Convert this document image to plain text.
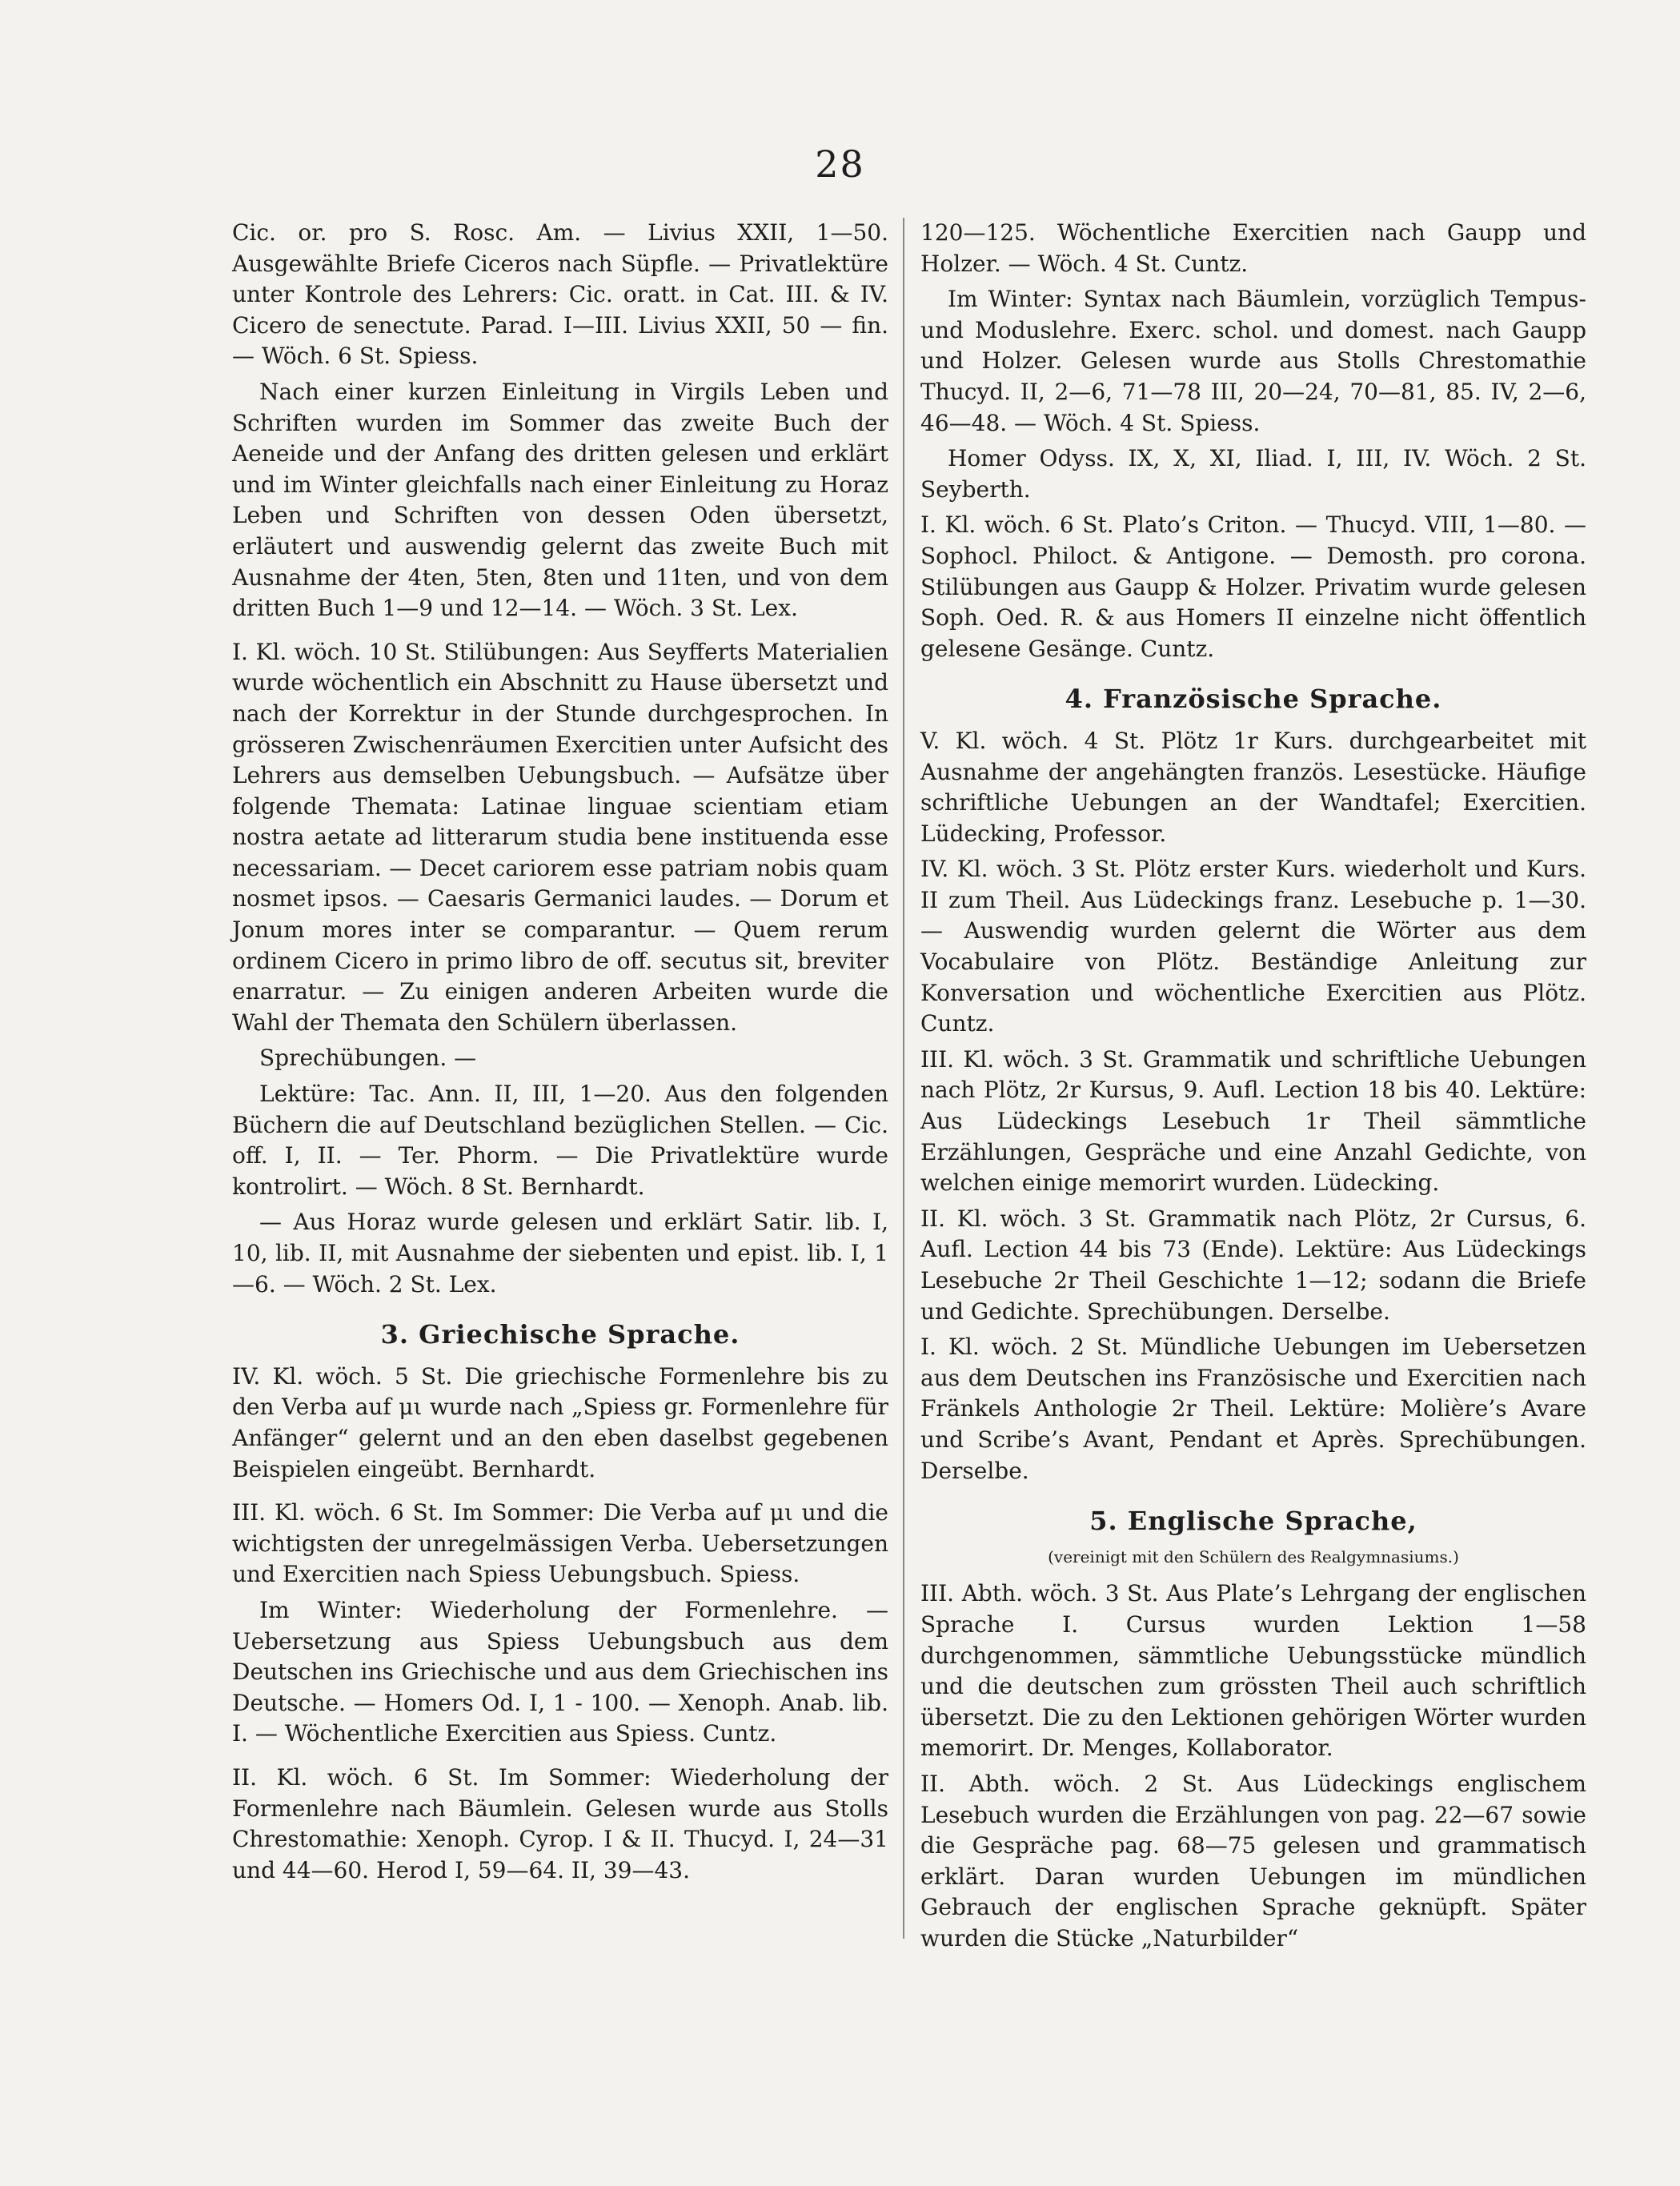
28

Cic. or. pro S. Rosc. Am. — Livius XXII, 1—50. Ausgewählte Briefe Ciceros nach Süpfle. — Privatlektüre unter Kontrole des Lehrers: Cic. oratt. in Cat. III. & IV. Cicero de senectute. Parad. I—III. Livius XXII, 50 — fin. — Wöch. 6 St. Spiess.

Nach einer kurzen Einleitung in Virgils Leben und Schriften wurden im Sommer das zweite Buch der Aeneide und der Anfang des dritten gelesen und erklärt und im Winter gleichfalls nach einer Einleitung zu Horaz Leben und Schriften von dessen Oden übersetzt, erläutert und auswendig gelernt das zweite Buch mit Ausnahme der 4ten, 5ten, 8ten und 11ten, und von dem dritten Buch 1—9 und 12—14. — Wöch. 3 St. Lex.

I. Kl. wöch. 10 St. Stilübungen: Aus Seyfferts Materialien wurde wöchentlich ein Abschnitt zu Hause übersetzt und nach der Korrektur in der Stunde durchgesprochen. In grösseren Zwischenräumen Exercitien unter Aufsicht des Lehrers aus demselben Uebungsbuch. — Aufsätze über folgende Themata: Latinae linguae scientiam etiam nostra aetate ad litterarum studia bene instituenda esse necessariam. — Decet cariorem esse patriam nobis quam nosmet ipsos. — Caesaris Germanici laudes. — Dorum et Jonum mores inter se comparantur. — Quem rerum ordinem Cicero in primo libro de off. secutus sit, breviter enarratur. — Zu einigen anderen Arbeiten wurde die Wahl der Themata den Schülern überlassen.

Sprechübungen. —

Lektüre: Tac. Ann. II, III, 1—20. Aus den folgenden Büchern die auf Deutschland bezüglichen Stellen. — Cic. off. I, II. — Ter. Phorm. — Die Privatlektüre wurde kontrolirt. — Wöch. 8 St. Bernhardt.

— Aus Horaz wurde gelesen und erklärt Satir. lib. I, 10, lib. II, mit Ausnahme der siebenten und epist. lib. I, 1—6. — Wöch. 2 St. Lex.

3. Griechische Sprache.

IV. Kl. wöch. 5 St. Die griechische Formenlehre bis zu den Verba auf μι wurde nach „Spiess gr. Formenlehre für Anfänger“ gelernt und an den eben daselbst gegebenen Beispielen eingeübt. Bernhardt.

III. Kl. wöch. 6 St. Im Sommer: Die Verba auf μι und die wichtigsten der unregelmässigen Verba. Uebersetzungen und Exercitien nach Spiess Uebungsbuch. Spiess.

Im Winter: Wiederholung der Formenlehre. — Uebersetzung aus Spiess Uebungsbuch aus dem Deutschen ins Griechische und aus dem Griechischen ins Deutsche. — Homers Od. I, 1 - 100. — Xenoph. Anab. lib. I. — Wöchentliche Exercitien aus Spiess. Cuntz.

II. Kl. wöch. 6 St. Im Sommer: Wiederholung der Formenlehre nach Bäumlein. Gelesen wurde aus Stolls Chrestomathie: Xenoph. Cyrop. I & II. Thucyd. I, 24—31 und 44—60. Herod I, 59—64. II, 39—43.

120—125. Wöchentliche Exercitien nach Gaupp und Holzer. — Wöch. 4 St. Cuntz.

Im Winter: Syntax nach Bäumlein, vorzüglich Tempus- und Moduslehre. Exerc. schol. und domest. nach Gaupp und Holzer. Gelesen wurde aus Stolls Chrestomathie Thucyd. II, 2—6, 71—78 III, 20—24, 70—81, 85. IV, 2—6, 46—48. — Wöch. 4 St. Spiess.

Homer Odyss. IX, X, XI, Iliad. I, III, IV. Wöch. 2 St. Seyberth.

I. Kl. wöch. 6 St. Plato’s Criton. — Thucyd. VIII, 1—80. — Sophocl. Philoct. & Antigone. — Demosth. pro corona. Stilübungen aus Gaupp & Holzer. Privatim wurde gelesen Soph. Oed. R. & aus Homers II einzelne nicht öffentlich gelesene Gesänge. Cuntz.

4. Französische Sprache.

V. Kl. wöch. 4 St. Plötz 1r Kurs. durchgearbeitet mit Ausnahme der angehängten französ. Lesestücke. Häufige schriftliche Uebungen an der Wandtafel; Exercitien. Lüdecking, Professor.

IV. Kl. wöch. 3 St. Plötz erster Kurs. wiederholt und Kurs. II zum Theil. Aus Lüdeckings franz. Lesebuche p. 1—30. — Auswendig wurden gelernt die Wörter aus dem Vocabulaire von Plötz. Beständige Anleitung zur Konversation und wöchentliche Exercitien aus Plötz. Cuntz.

III. Kl. wöch. 3 St. Grammatik und schriftliche Uebungen nach Plötz, 2r Kursus, 9. Aufl. Lection 18 bis 40. Lektüre: Aus Lüdeckings Lesebuch 1r Theil sämmtliche Erzählungen, Gespräche und eine Anzahl Gedichte, von welchen einige memorirt wurden. Lüdecking.

II. Kl. wöch. 3 St. Grammatik nach Plötz, 2r Cursus, 6. Aufl. Lection 44 bis 73 (Ende). Lektüre: Aus Lüdeckings Lesebuche 2r Theil Geschichte 1—12; sodann die Briefe und Gedichte. Sprechübungen. Derselbe.

I. Kl. wöch. 2 St. Mündliche Uebungen im Uebersetzen aus dem Deutschen ins Französische und Exercitien nach Fränkels Anthologie 2r Theil. Lektüre: Molière’s Avare und Scribe’s Avant, Pendant et Après. Sprechübungen. Derselbe.

5. Englische Sprache,
(vereinigt mit den Schülern des Realgymnasiums.)

III. Abth. wöch. 3 St. Aus Plate’s Lehrgang der englischen Sprache I. Cursus wurden Lektion 1—58 durchgenommen, sämmtliche Uebungsstücke mündlich und die deutschen zum grössten Theil auch schriftlich übersetzt. Die zu den Lektionen gehörigen Wörter wurden memorirt. Dr. Menges, Kollaborator.

II. Abth. wöch. 2 St. Aus Lüdeckings englischem Lesebuch wurden die Erzählungen von pag. 22—67 sowie die Gespräche pag. 68—75 gelesen und grammatisch erklärt. Daran wurden Uebungen im mündlichen Gebrauch der englischen Sprache geknüpft. Später wurden die Stücke „Naturbilder“
